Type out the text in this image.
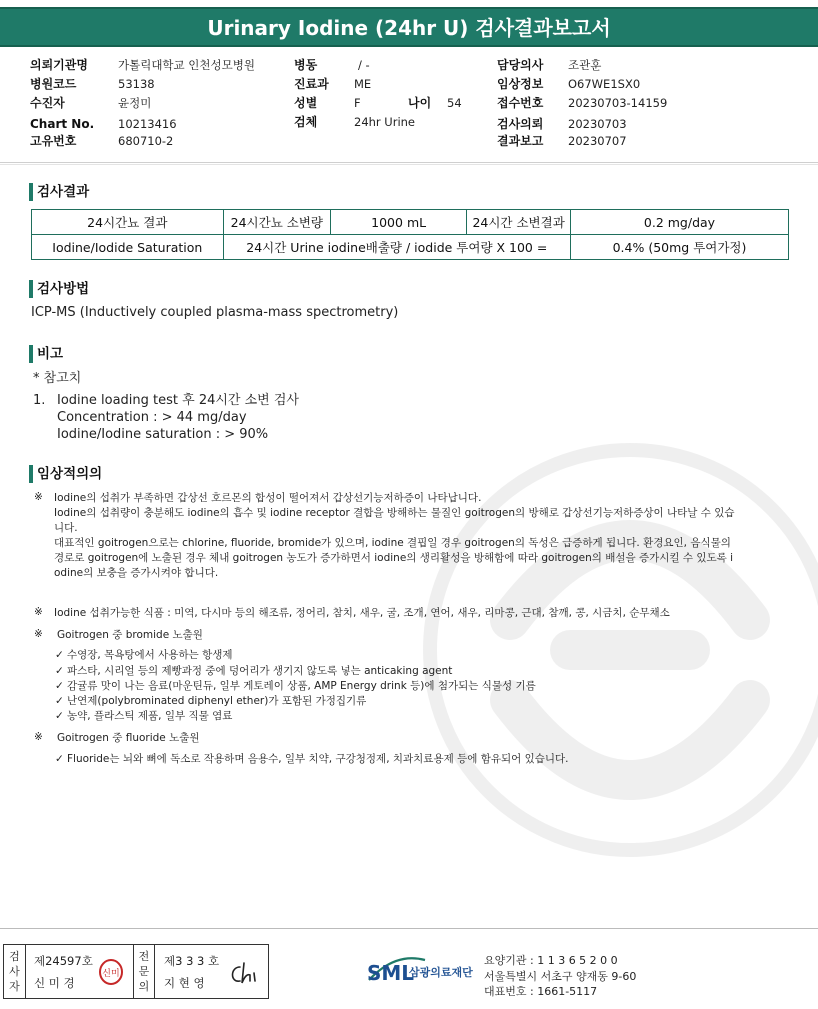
Urinary Iodine (24hr U) 검사결과보고서
의뢰기관명	가톨릭대학교 인천성모병원
병원코드	53138
수진자	윤정미
Chart No. 10213416
고유번호	680710-2
병동	/ -
진료과 ME
성별	F	나이 54
검체	24hr Urine
담당의사 조관훈
임상정보 O67WE1SX0
접수번호 20230703-14159
검사의뢰 20230703
결과보고 20230707
검사결과
24시간뇨 결과	24시간뇨 소변량	1000 mL	24시간 소변결과	0.2 mg/day
Iodine/Iodide Saturation	24시간 Urine iodine배출량 / iodide 투여량 X 100 =			0.4% (50mg 투여가정)
검사방법
ICP-MS (Inductively coupled plasma-mass spectrometry)
비고
* 참고치
1. Iodine loading test 후 24시간 소변 검사
Concentration : > 44 mg/day
Iodine/Iodine saturation : > 90%
임상적의의
※ Iodine의 섭취가 부족하면 갑상선 호르몬의 합성이 떨어져서 갑상선기능저하증이 나타납니다.
Iodine의 섭취량이 충분해도 iodine의 흡수 및 iodine receptor 결합을 방해하는 물질인 goitrogen의 방해로 갑상선기능저하증상이 나타날 수 있습
니다.
대표적인 goitrogen으로는 chlorine, fluoride, bromide가 있으며, iodine 결핍일 경우 goitrogen의 독성은 급증하게 됩니다. 환경요인, 음식물의
경로로 goitrogen에 노출된 경우 체내 goitrogen 농도가 증가하면서 iodine의 생리활성을 방해함에 따라 goitrogen의 배설을 증가시킬 수 있도록 i
odine의 보충을 증가시켜야 합니다.
※ Iodine 섭취가능한 식품 : 미역, 다시마 등의 해조류, 정어리, 참치, 새우, 굴, 조개, 연어, 새우, 리마콩, 근대, 참깨, 콩, 시금치, 순무채소
※ Goitrogen 중 bromide 노출원
✓ 수영장, 목욕탕에서 사용하는 항생제
✓ 파스타, 시리얼 등의 제빵과정 중에 덩어리가 생기지 않도록 넣는 anticaking agent
✓ 감귤류 맛이 나는 음료(마운틴듀, 일부 게토레이 상품, AMP Energy drink 등)에 첨가되는 식물성 기름
✓ 난연제(polybrominated diphenyl ether)가 포함된 가정집기류
✓ 농약, 플라스틱 제품, 일부 직물 염료
※ Goitrogen 중 fluoride 노출원
✓ Fluoride는 뇌와 뼈에 독소로 작용하며 음용수, 일부 치약, 구강청정제, 치과치료용제 등에 함유되어 있습니다.
검
사
자
제24597호
신 미 경
신미
전
문
의
제3 3 3 호
지 현 영	SML
삼광의료재단
요양기관 : 1 1 3 6 5 2 0 0
서울특별시 서초구 양재동 9-60
대표번호 : 1661-5117
